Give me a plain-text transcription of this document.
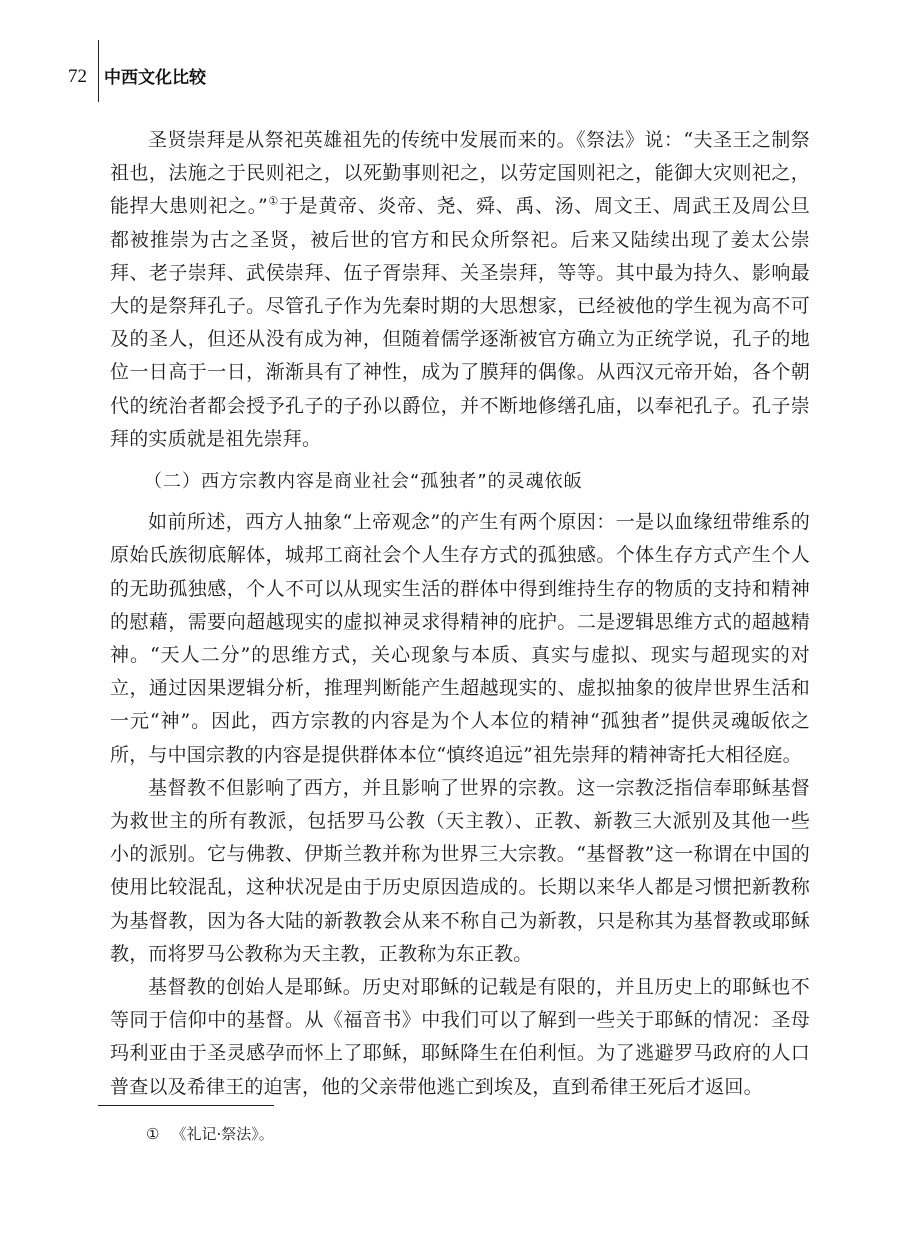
72 中西文化比较

圣贤崇拜是从祭祀英雄祖先的传统中发展而来的。《祭法》说：“夫圣王之制祭祖也，法施之于民则祀之，以死勤事则祀之，以劳定国则祀之，能御大灾则祀之，能捍大患则祀之。”①于是黄帝、炎帝、尧、舜、禹、汤、周文王、周武王及周公旦都被推崇为古之圣贤，被后世的官方和民众所祭祀。后来又陆续出现了姜太公崇拜、老子崇拜、武侯崇拜、伍子胥崇拜、关圣崇拜，等等。其中最为持久、影响最大的是祭拜孔子。尽管孔子作为先秦时期的大思想家，已经被他的学生视为高不可及的圣人，但还从没有成为神，但随着儒学逐渐被官方确立为正统学说，孔子的地位一日高于一日，渐渐具有了神性，成为了膜拜的偶像。从西汉元帝开始，各个朝代的统治者都会授予孔子的子孙以爵位，并不断地修缮孔庙，以奉祀孔子。孔子崇拜的实质就是祖先崇拜。

（二）西方宗教内容是商业社会“孤独者”的灵魂依皈

如前所述，西方人抽象“上帝观念”的产生有两个原因：一是以血缘纽带维系的原始氏族彻底解体，城邦工商社会个人生存方式的孤独感。个体生存方式产生个人的无助孤独感，个人不可以从现实生活的群体中得到维持生存的物质的支持和精神的慰藉，需要向超越现实的虚拟神灵求得精神的庇护。二是逻辑思维方式的超越精神。“天人二分”的思维方式，关心现象与本质、真实与虚拟、现实与超现实的对立，通过因果逻辑分析，推理判断能产生超越现实的、虚拟抽象的彼岸世界生活和一元“神”。因此，西方宗教的内容是为个人本位的精神“孤独者”提供灵魂皈依之所，与中国宗教的内容是提供群体本位“慎终追远”祖先崇拜的精神寄托大相径庭。

基督教不但影响了西方，并且影响了世界的宗教。这一宗教泛指信奉耶稣基督为救世主的所有教派，包括罗马公教（天主教）、正教、新教三大派别及其他一些小的派别。它与佛教、伊斯兰教并称为世界三大宗教。“基督教”这一称谓在中国的使用比较混乱，这种状况是由于历史原因造成的。长期以来华人都是习惯把新教称为基督教，因为各大陆的新教教会从来不称自己为新教，只是称其为基督教或耶稣教，而将罗马公教称为天主教，正教称为东正教。

基督教的创始人是耶稣。历史对耶稣的记载是有限的，并且历史上的耶稣也不等同于信仰中的基督。从《福音书》中我们可以了解到一些关于耶稣的情况：圣母玛利亚由于圣灵感孕而怀上了耶稣，耶稣降生在伯利恒。为了逃避罗马政府的人口普查以及希律王的迫害，他的父亲带他逃亡到埃及，直到希律王死后才返回。

① 《礼记·祭法》。
